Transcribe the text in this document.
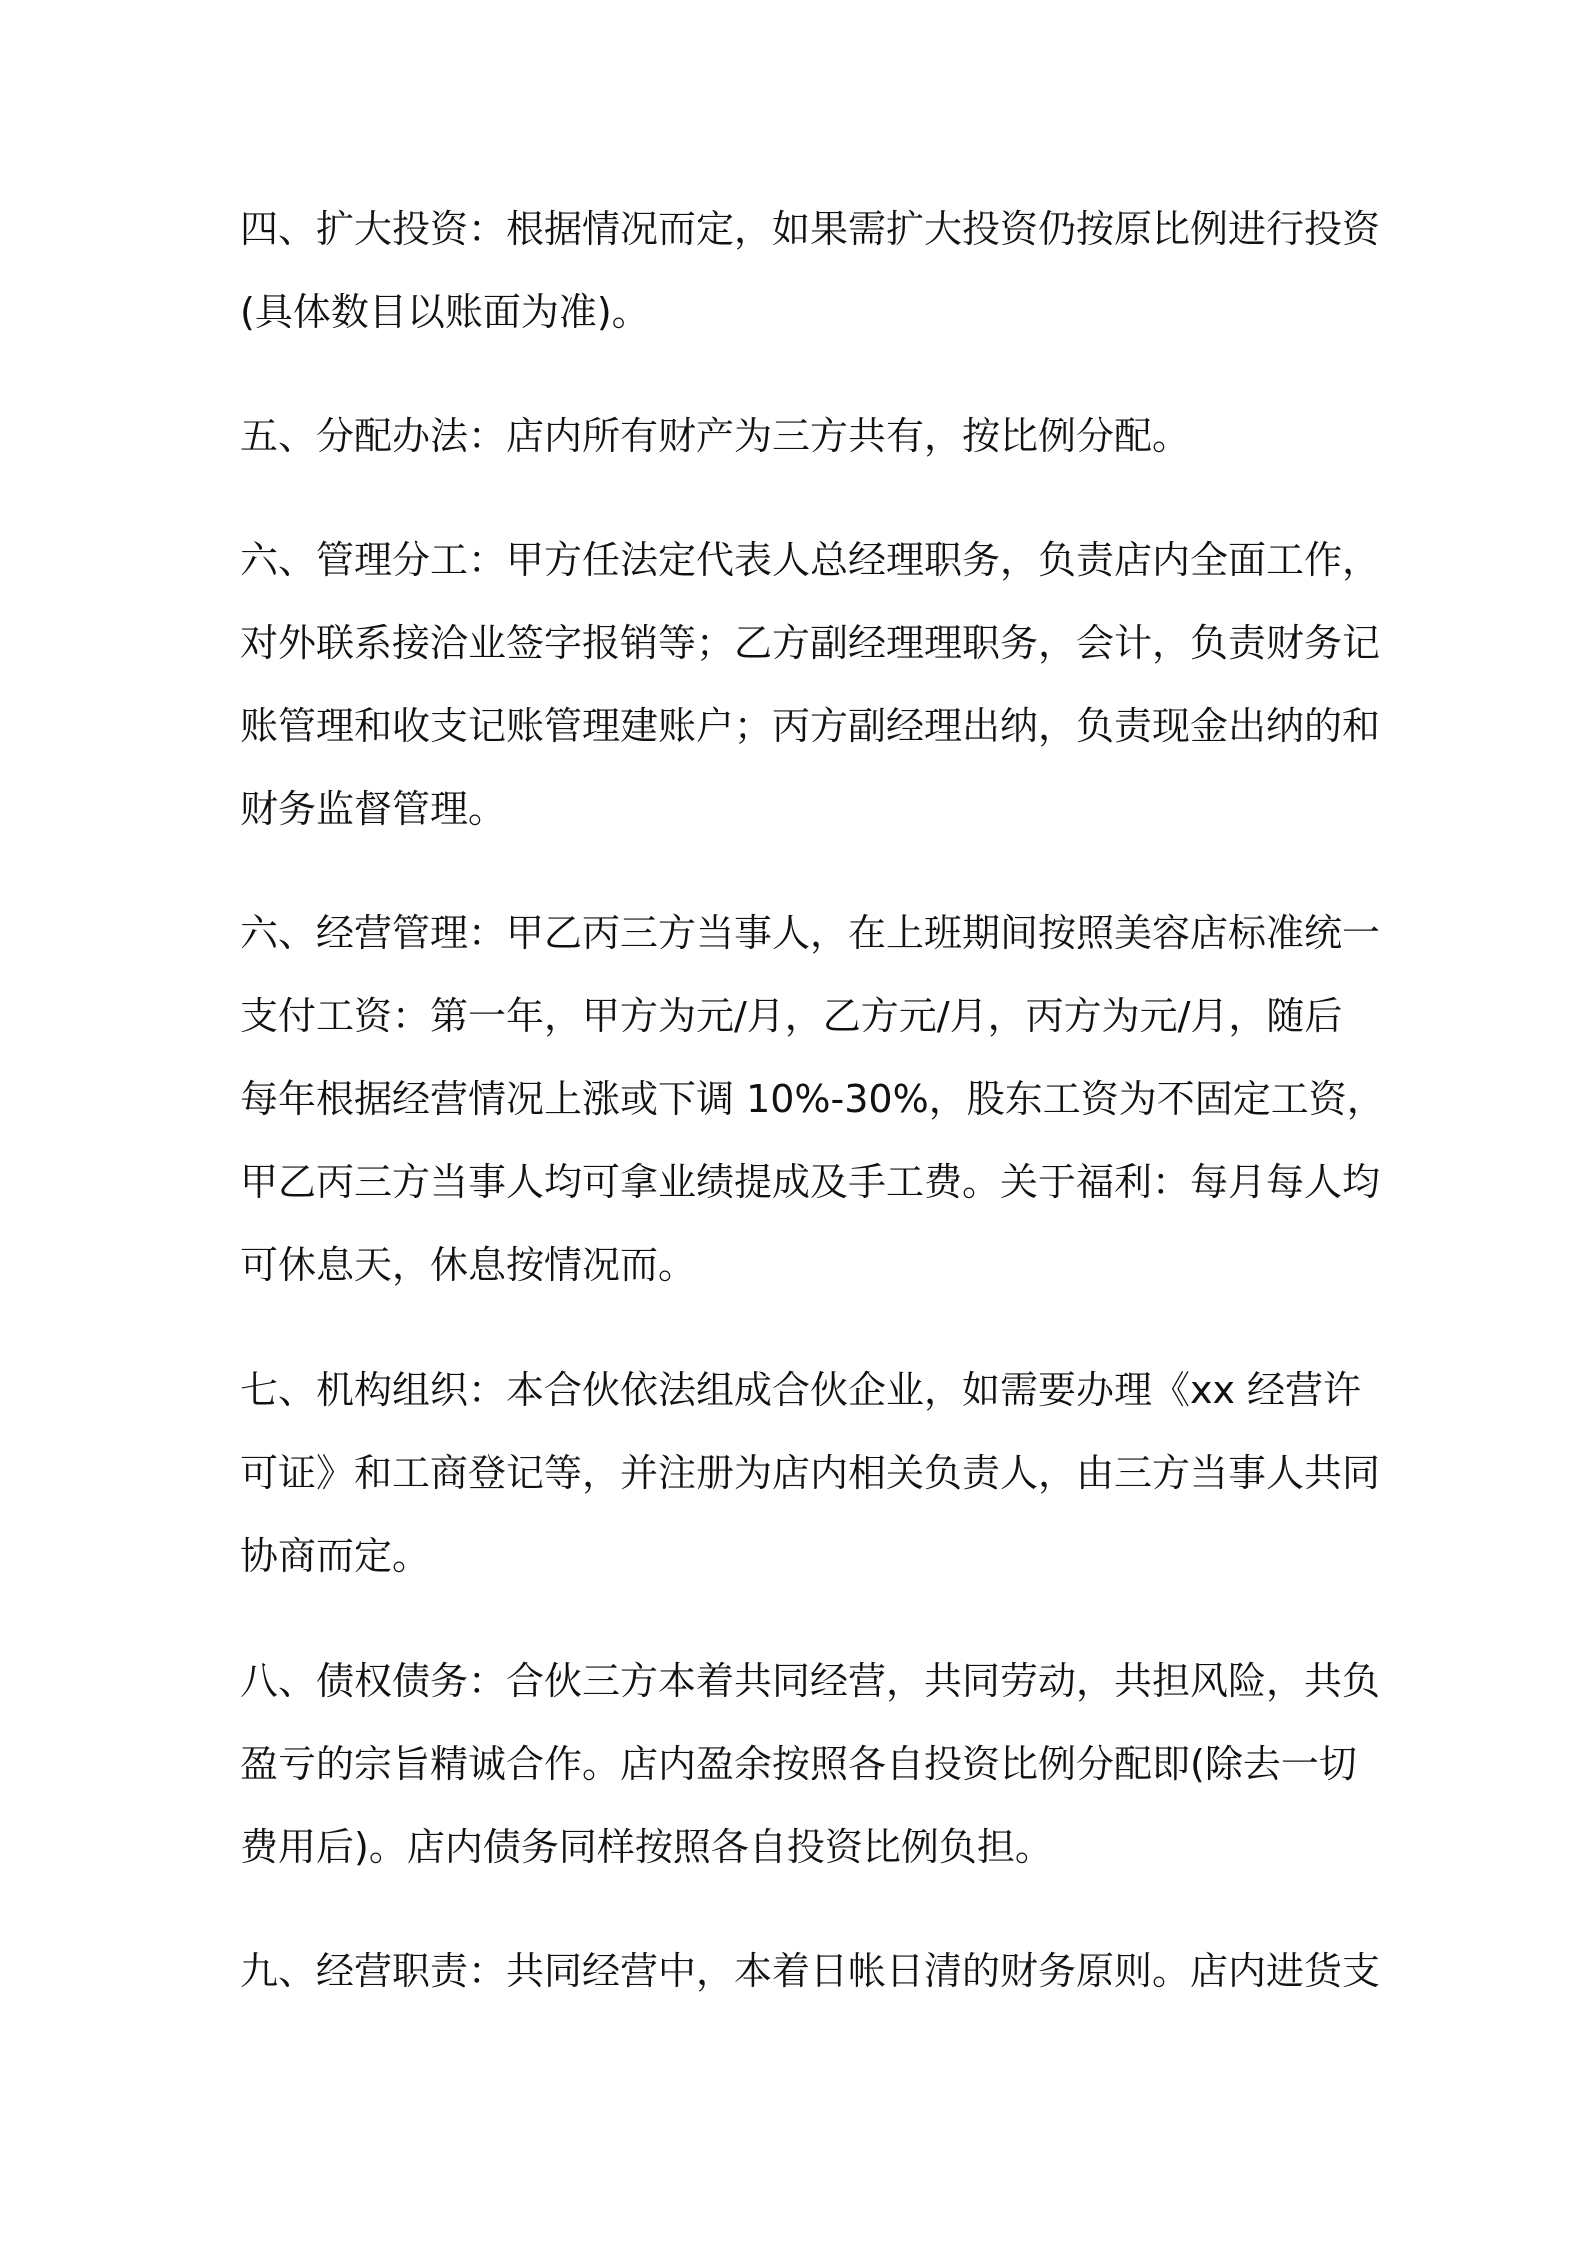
四、扩大投资：根据情况而定，如果需扩大投资仍按原比例进行投资
(具体数目以账面为准)。

五、分配办法：店内所有财产为三方共有，按比例分配。

六、管理分工：甲方任法定代表人总经理职务，负责店内全面工作，
对外联系接洽业签字报销等；乙方副经理理职务，会计，负责财务记
账管理和收支记账管理建账户；丙方副经理出纳，负责现金出纳的和
财务监督管理。

六、经营管理：甲乙丙三方当事人，在上班期间按照美容店标准统一
支付工资：第一年，甲方为元/月，乙方元/月，丙方为元/月，随后
每年根据经营情况上涨或下调 10%-30%，股东工资为不固定工资，
甲乙丙三方当事人均可拿业绩提成及手工费。关于福利：每月每人均
可休息天，休息按情况而。

七、机构组织：本合伙依法组成合伙企业，如需要办理《xx 经营许
可证》和工商登记等，并注册为店内相关负责人，由三方当事人共同
协商而定。

八、债权债务：合伙三方本着共同经营，共同劳动，共担风险，共负
盈亏的宗旨精诚合作。店内盈余按照各自投资比例分配即(除去一切
费用后)。店内债务同样按照各自投资比例负担。

九、经营职责：共同经营中，本着日帐日清的财务原则。店内进货支
